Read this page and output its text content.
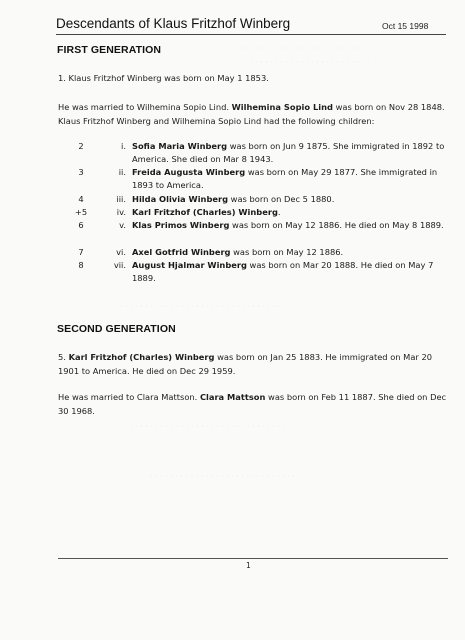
· · · · · · · · · · · · · · · · · · · · · · · · · ·
· · · · · · · · · · · · · · · · · · · · · · · ·
· · · · · · · · · · · · · · · · · · · · · · · · · · · · · · · ·
· · · · · · · · · · · · · · · · · · · · · · · · · · · · · · ·
· · · · · · · · · · · · · · · · · · · · · · · · · · · · ·
Descendants of Klaus Fritzhof Winberg	Oct 15 1998
FIRST GENERATION
1. Klaus Fritzhof Winberg was born on May 1 1853.
He was married to Wilhemina Sopio Lind. Wilhemina Sopio Lind was born on Nov 28 1848. Klaus Fritzhof Winberg and Wilhemina Sopio Lind had the following children:
2	i. Sofia Maria Winberg was born on Jun 9 1875. She immigrated in 1892 to America. She died on Mar 8 1943.
3	ii. Freida Augusta Winberg was born on May 29 1877. She immigrated in 1893 to America.
4	iii. Hilda Olivia Winberg was born on Dec 5 1880.
+5	iv. Karl Fritzhof (Charles) Winberg.
6	v. Klas Primos Winberg was born on May 12 1886. He died on May 8 1889.
7	vi. Axel Gotfrid Winberg was born on May 12 1886.
8	vii. August Hjalmar Winberg was born on Mar 20 1888. He died on May 7 1889.
SECOND GENERATION
5. Karl Fritzhof (Charles) Winberg was born on Jan 25 1883. He immigrated on Mar 20 1901 to America. He died on Dec 29 1959.
He was married to Clara Mattson. Clara Mattson was born on Feb 11 1887. She died on Dec 30 1968.
1
